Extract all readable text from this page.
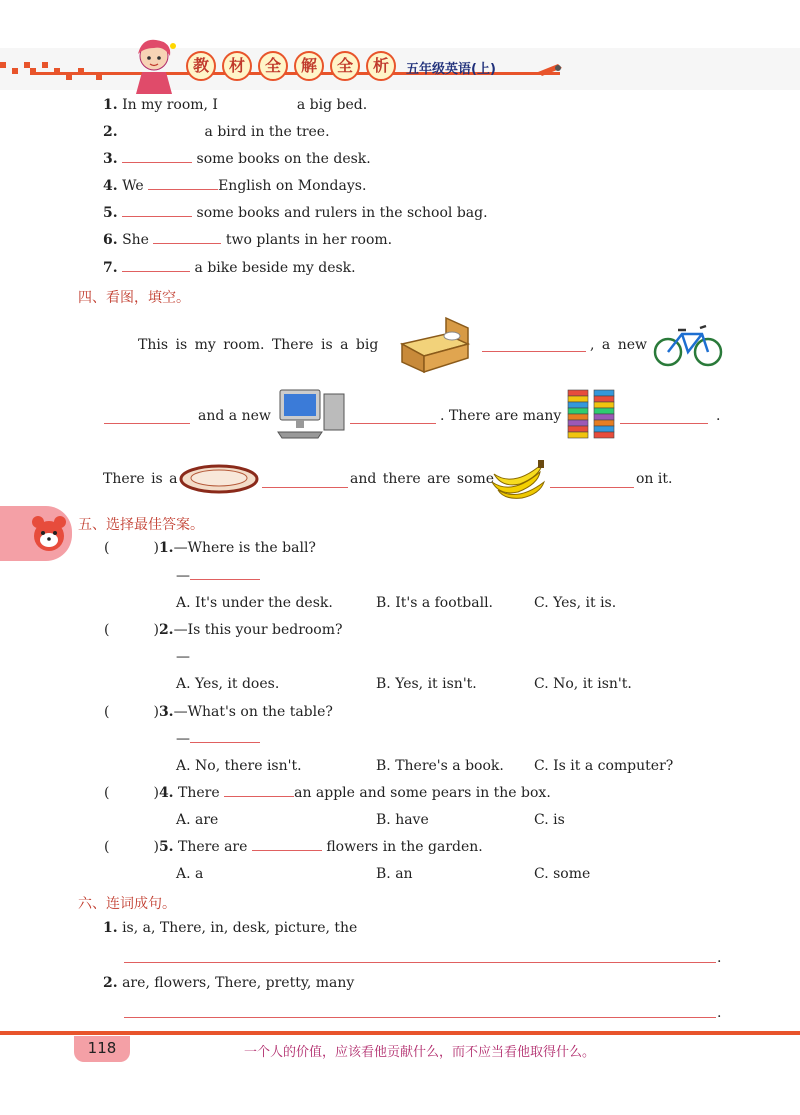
教	材	全	解	全	析	五年级英语(上)
1. In my room, I	a big bed.
2.	a bird in the tree.
3.	some books on the desk.
4. We	English on Mondays.
5.	some books and rulers in the school bag.
6. She	two plants in her room.
7.	a bike beside my desk.
四、看图，填空。
This is my room. There is a big	, a new
and a new	. There are many	.
There is a	and there are some	on it.
五、选择最佳答案。
(	)1.—Where is the ball?
—
A. It's under the desk.	B. It's a football.	C. Yes, it is.
(	)2.—Is this your bedroom?
—
A. Yes, it does.	B. Yes, it isn't.	C. No, it isn't.
(	)3.—What's on the table?
—
A. No, there isn't.	B. There's a book. C. Is it a computer?
(	)4. There	an apple and some pears in the box.
A. are	B. have	C. is
(	)5. There are	flowers in the garden.
A. a	B. an	C. some
六、连词成句。
1. is, a, There, in, desk, picture, the
.
2. are, flowers, There, pretty, many
.
118	一个人的价值，应该看他贡献什么，而不应当看他取得什么。
